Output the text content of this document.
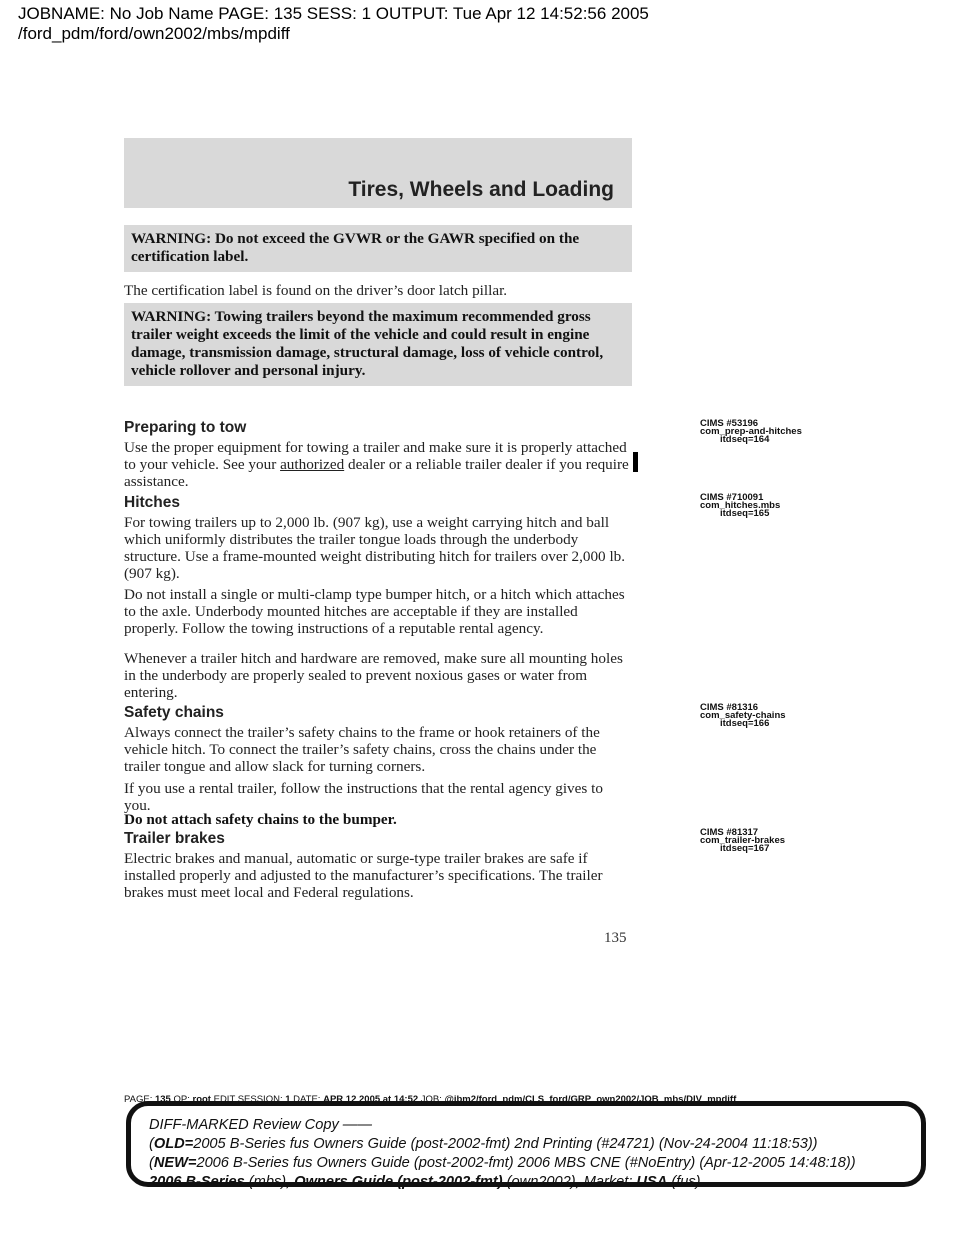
JOBNAME: No Job Name PAGE: 135 SESS: 1 OUTPUT: Tue Apr 12 14:52:56 2005
/ford_pdm/ford/own2002/mbs/mpdiff
Tires, Wheels and Loading
WARNING: Do not exceed the GVWR or the GAWR specified on the certification label.
The certification label is found on the driver’s door latch pillar.
WARNING: Towing trailers beyond the maximum recommended gross trailer weight exceeds the limit of the vehicle and could result in engine damage, transmission damage, structural damage, loss of vehicle control, vehicle rollover and personal injury.
Preparing to tow
Use the proper equipment for towing a trailer and make sure it is properly attached to your vehicle. See your authorized dealer or a reliable trailer dealer if you require assistance.
Hitches
For towing trailers up to 2,000 lb. (907 kg), use a weight carrying hitch and ball which uniformly distributes the trailer tongue loads through the underbody structure. Use a frame-mounted weight distributing hitch for trailers over 2,000 lb. (907 kg).
Do not install a single or multi-clamp type bumper hitch, or a hitch which attaches to the axle. Underbody mounted hitches are acceptable if they are installed properly. Follow the towing instructions of a reputable rental agency.
Whenever a trailer hitch and hardware are removed, make sure all mounting holes in the underbody are properly sealed to prevent noxious gases or water from entering.
Safety chains
Always connect the trailer’s safety chains to the frame or hook retainers of the vehicle hitch. To connect the trailer’s safety chains, cross the chains under the trailer tongue and allow slack for turning corners.
If you use a rental trailer, follow the instructions that the rental agency gives to you.
Do not attach safety chains to the bumper.
Trailer brakes
Electric brakes and manual, automatic or surge-type trailer brakes are safe if installed properly and adjusted to the manufacturer’s specifications. The trailer brakes must meet local and Federal regulations.
CIMS #53196
com_prep-and-hitches
itdseq=164
CIMS #710091
com_hitches.mbs
itdseq=165
CIMS #81316
com_safety-chains
itdseq=166
CIMS #81317
com_trailer-brakes
itdseq=167
135
PAGE: 135 OP: root EDIT SESSION: 1 DATE: APR 12 2005 at 14:52 JOB: @ibm2/ford_pdm/CLS_ford/GRP_own2002/JOB_mbs/DIV_mpdiff
DIFF-MARKED Review Copy ——
(OLD=2005 B-Series fus Owners Guide (post-2002-fmt) 2nd Printing (#24721) (Nov-24-2004 11:18:53))
(NEW=2006 B-Series fus Owners Guide (post-2002-fmt) 2006 MBS CNE (#NoEntry) (Apr-12-2005 14:48:18))
2006 B-Series (mbs), Owners Guide (post-2002-fmt) (own2002), Market: USA (fus)
